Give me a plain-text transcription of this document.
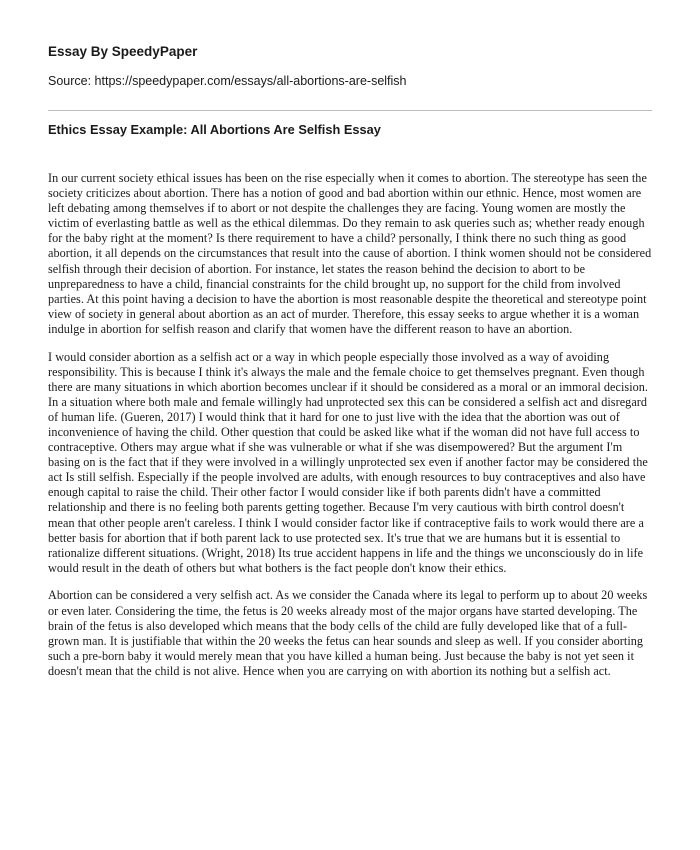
Essay By SpeedyPaper
Source: https://speedypaper.com/essays/all-abortions-are-selfish
Ethics Essay Example: All Abortions Are Selfish Essay

In our current society ethical issues has been on the rise especially when it comes to abortion. The stereotype has seen the society criticizes about abortion. There has a notion of good and bad abortion within our ethnic. Hence, most women are left debating among themselves if to abort or not despite the challenges they are facing. Young women are mostly the victim of everlasting battle as well as the ethical dilemmas. Do they remain to ask queries such as; whether ready enough for the baby right at the moment? Is there requirement to have a child? personally, I think there no such thing as good abortion, it all depends on the circumstances that result into the cause of abortion. I think women should not be considered selfish through their decision of abortion. For instance, let states the reason behind the decision to abort to be unpreparedness to have a child, financial constraints for the child brought up, no support for the child from involved parties. At this point having a decision to have the abortion is most reasonable despite the theoretical and stereotype point view of society in general about abortion as an act of murder. Therefore, this essay seeks to argue whether it is a woman indulge in abortion for selfish reason and clarify that women have the different reason to have an abortion.

I would consider abortion as a selfish act or a way in which people especially those involved as a way of avoiding responsibility. This is because I think it's always the male and the female choice to get themselves pregnant. Even though there are many situations in which abortion becomes unclear if it should be considered as a moral or an immoral decision. In a situation where both male and female willingly had unprotected sex this can be considered a selfish act and disregard of human life. (Gueren, 2017) I would think that it hard for one to just live with the idea that the abortion was out of inconvenience of having the child. Other question that could be asked like what if the woman did not have full access to contraceptive. Others may argue what if she was vulnerable or what if she was disempowered? But the argument I'm basing on is the fact that if they were involved in a willingly unprotected sex even if another factor may be considered the act Is still selfish. Especially if the people involved are adults, with enough resources to buy contraceptives and also have enough capital to raise the child. Their other factor I would consider like if both parents didn't have a committed relationship and there is no feeling both parents getting together. Because I'm very cautious with birth control doesn't mean that other people aren't careless. I think I would consider factor like if contraceptive fails to work would there are a better basis for abortion that if both parent lack to use protected sex. It's true that we are humans but it is essential to rationalize different situations. (Wright, 2018) Its true accident happens in life and the things we unconsciously do in life would result in the death of others but what bothers is the fact people don't know their ethics.

Abortion can be considered a very selfish act. As we consider the Canada where its legal to perform up to about 20 weeks or even later. Considering the time, the fetus is 20 weeks already most of the major organs have started developing. The brain of the fetus is also developed which means that the body cells of the child are fully developed like that of a full-grown man. It is justifiable that within the 20 weeks the fetus can hear sounds and sleep as well. If you consider aborting such a pre-born baby it would merely mean that you have killed a human being. Just because the baby is not yet seen it doesn't mean that the child is not alive. Hence when you are carrying on with abortion its nothing but a selfish act.
